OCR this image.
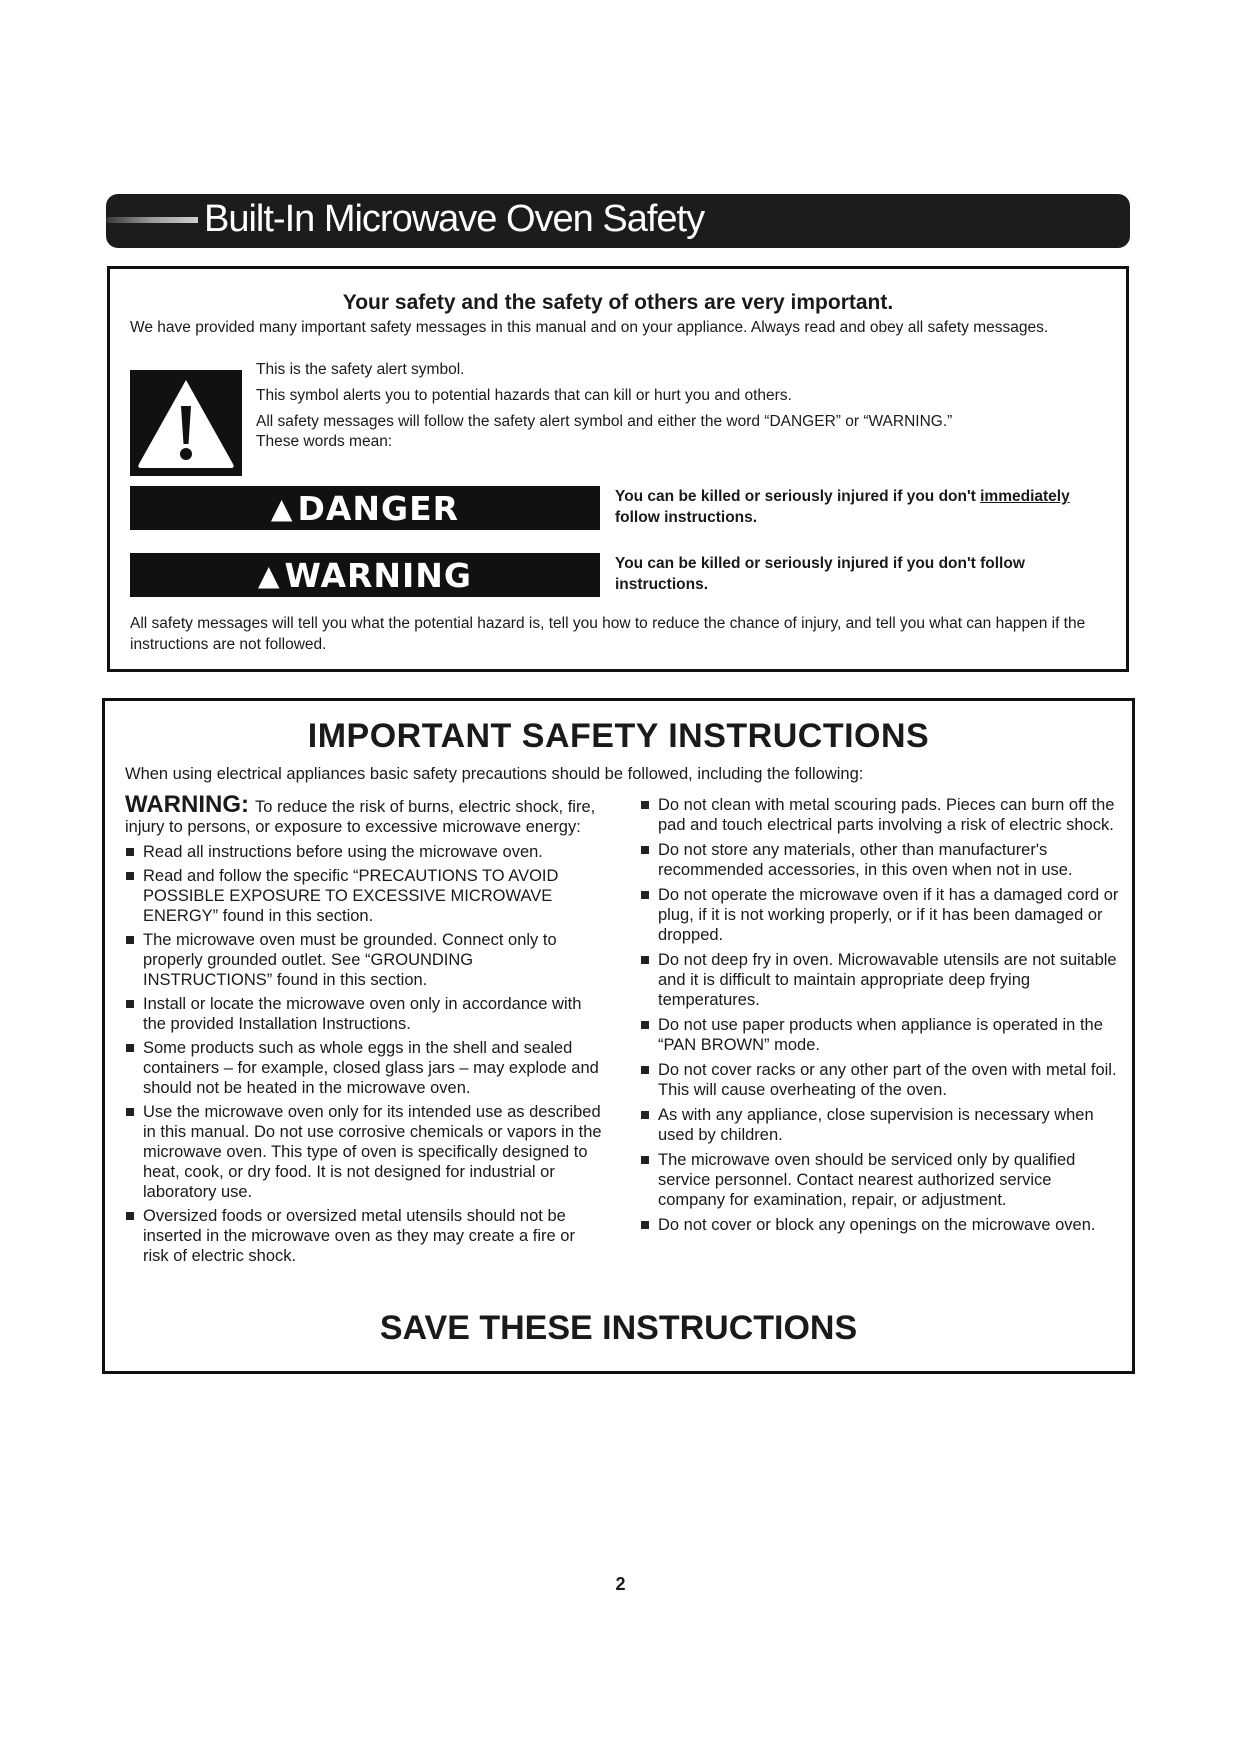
Built-In Microwave Oven Safety
Your safety and the safety of others are very important.
We have provided many important safety messages in this manual and on your appliance. Always read and obey all safety messages.
This is the safety alert symbol.
This symbol alerts you to potential hazards that can kill or hurt you and others.
All safety messages will follow the safety alert symbol and either the word “DANGER” or “WARNING.”
These words mean:
▲ DANGER	You can be killed or seriously injured if you don't immediately follow instructions.
▲ WARNING	You can be killed or seriously injured if you don't follow instructions.
All safety messages will tell you what the potential hazard is, tell you how to reduce the chance of injury, and tell you what can happen if the instructions are not followed.
IMPORTANT SAFETY INSTRUCTIONS
When using electrical appliances basic safety precautions should be followed, including the following:

WARNING: To reduce the risk of burns, electric shock, fire, injury to persons, or exposure to excessive microwave energy:

Read all instructions before using the microwave oven.
Read and follow the specific “PRECAUTIONS TO AVOID POSSIBLE EXPOSURE TO EXCESSIVE MICROWAVE ENERGY” found in this section.
The microwave oven must be grounded. Connect only to properly grounded outlet. See “GROUNDING INSTRUCTIONS” found in this section.
Install or locate the microwave oven only in accordance with the provided Installation Instructions.
Some products such as whole eggs in the shell and sealed containers – for example, closed glass jars – may explode and should not be heated in the microwave oven.
Use the microwave oven only for its intended use as described in this manual. Do not use corrosive chemicals or vapors in the microwave oven. This type of oven is specifically designed to heat, cook, or dry food. It is not designed for industrial or laboratory use.
Oversized foods or oversized metal utensils should not be inserted in the microwave oven as they may create a fire or risk of electric shock.
Do not clean with metal scouring pads. Pieces can burn off the pad and touch electrical parts involving a risk of electric shock.
Do not store any materials, other than manufacturer's recommended accessories, in this oven when not in use.
Do not operate the microwave oven if it has a damaged cord or plug, if it is not working properly, or if it has been damaged or dropped.
Do not deep fry in oven. Microwavable utensils are not suitable and it is difficult to maintain appropriate deep frying temperatures.
Do not use paper products when appliance is operated in the “PAN BROWN” mode.
Do not cover racks or any other part of the oven with metal foil. This will cause overheating of the oven.
As with any appliance, close supervision is necessary when used by children.
The microwave oven should be serviced only by qualified service personnel. Contact nearest authorized service company for examination, repair, or adjustment.
Do not cover or block any openings on the microwave oven.
SAVE THESE INSTRUCTIONS
2
